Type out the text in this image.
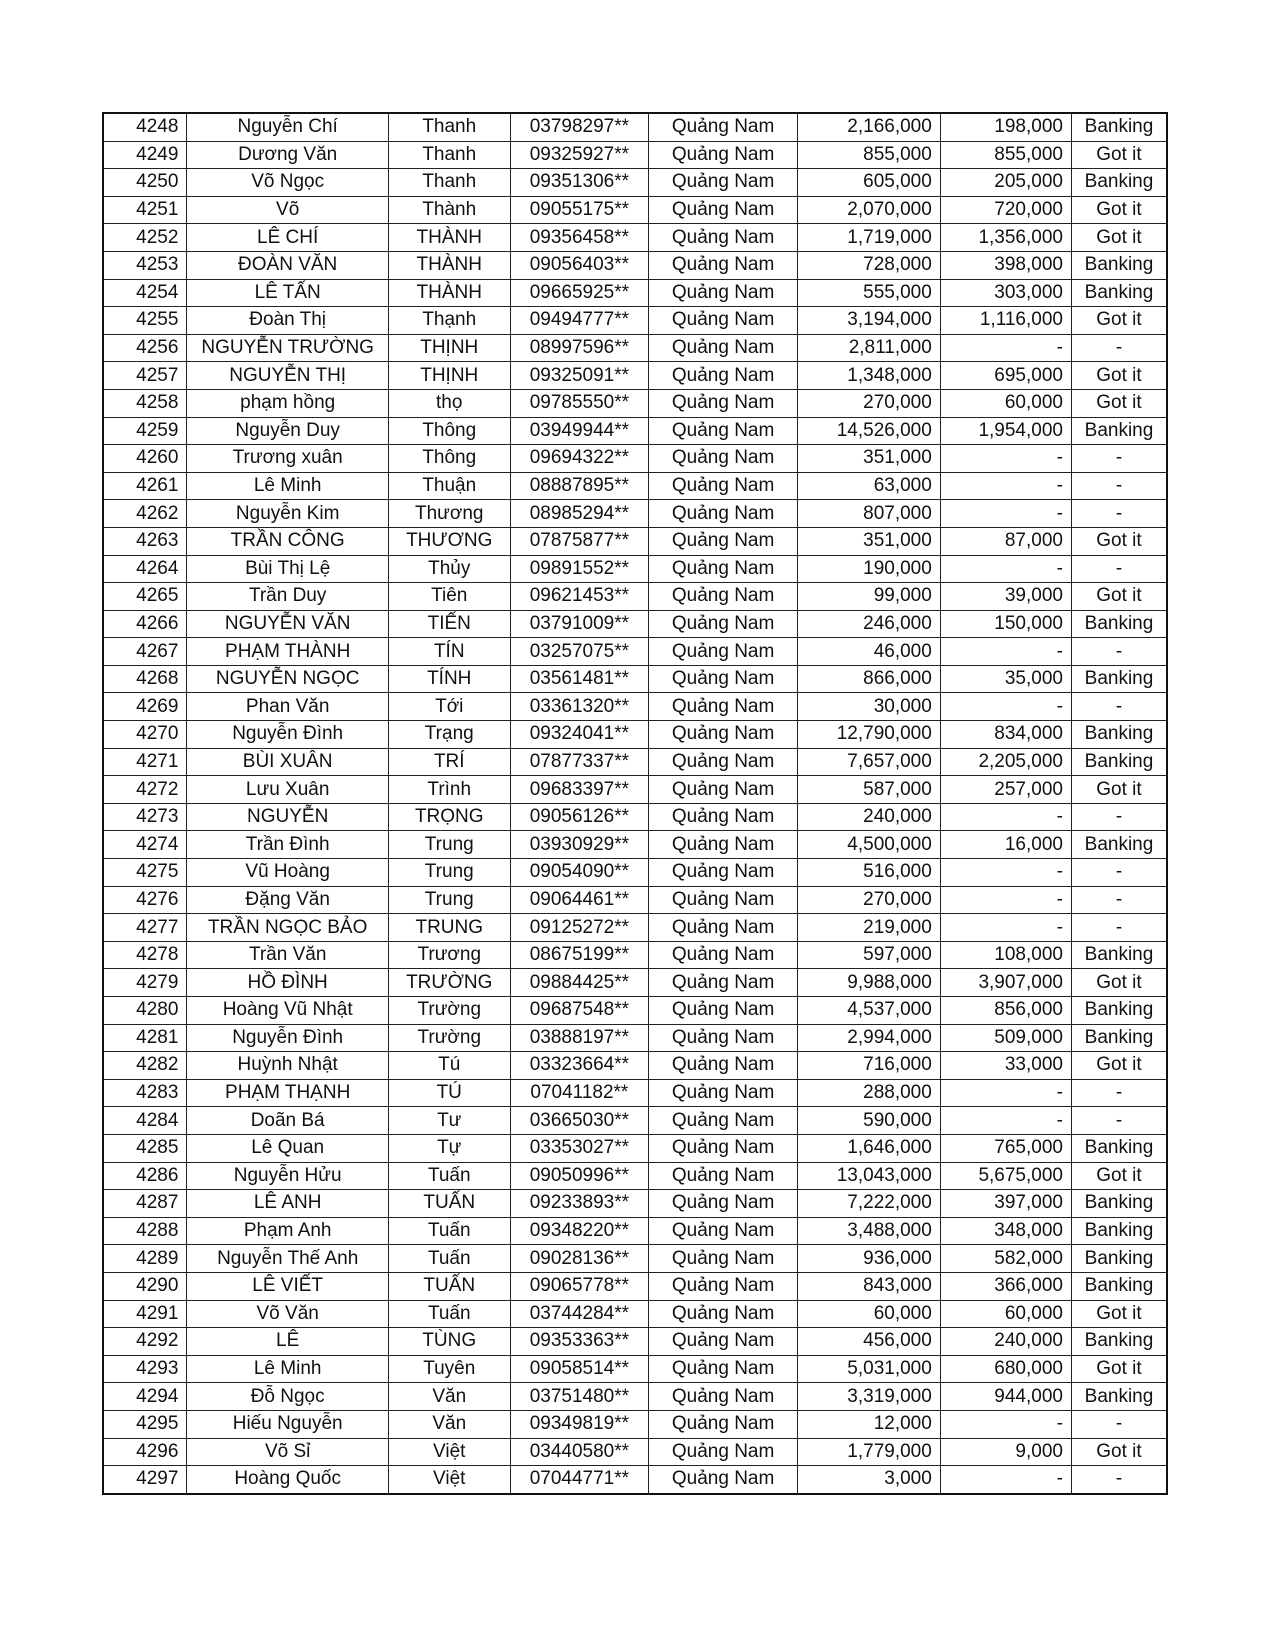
4248	Nguyễn Chí	Thanh	03798297**	Quảng Nam	2,166,000	198,000	Banking
4249	Dương Văn	Thanh	09325927**	Quảng Nam	855,000	855,000	Got it
4250	Võ Ngọc	Thanh	09351306**	Quảng Nam	605,000	205,000	Banking
4251	Võ	Thành	09055175**	Quảng Nam	2,070,000	720,000	Got it
4252	LÊ CHÍ	THÀNH	09356458**	Quảng Nam	1,719,000	1,356,000	Got it
4253	ĐOÀN VĂN	THÀNH	09056403**	Quảng Nam	728,000	398,000	Banking
4254	LÊ TẤN	THÀNH	09665925**	Quảng Nam	555,000	303,000	Banking
4255	Đoàn Thị	Thạnh	09494777**	Quảng Nam	3,194,000	1,116,000	Got it
4256	NGUYỄN TRƯỜNG	THỊNH	08997596**	Quảng Nam	2,811,000	-	-
4257	NGUYỄN THỊ	THỊNH	09325091**	Quảng Nam	1,348,000	695,000	Got it
4258	phạm hồng	thọ	09785550**	Quảng Nam	270,000	60,000	Got it
4259	Nguyễn Duy	Thông	03949944**	Quảng Nam	14,526,000	1,954,000	Banking
4260	Trương xuân	Thông	09694322**	Quảng Nam	351,000	-	-
4261	Lê Minh	Thuận	08887895**	Quảng Nam	63,000	-	-
4262	Nguyễn Kim	Thương	08985294**	Quảng Nam	807,000	-	-
4263	TRẦN CÔNG	THƯƠNG	07875877**	Quảng Nam	351,000	87,000	Got it
4264	Bùi Thị Lệ	Thủy	09891552**	Quảng Nam	190,000	-	-
4265	Trần Duy	Tiên	09621453**	Quảng Nam	99,000	39,000	Got it
4266	NGUYỄN VĂN	TIẾN	03791009**	Quảng Nam	246,000	150,000	Banking
4267	PHẠM THÀNH	TÍN	03257075**	Quảng Nam	46,000	-	-
4268	NGUYỄN NGỌC	TÍNH	03561481**	Quảng Nam	866,000	35,000	Banking
4269	Phan Văn	Tới	03361320**	Quảng Nam	30,000	-	-
4270	Nguyễn Đình	Trạng	09324041**	Quảng Nam	12,790,000	834,000	Banking
4271	BÙI XUÂN	TRÍ	07877337**	Quảng Nam	7,657,000	2,205,000	Banking
4272	Lưu Xuân	Trình	09683397**	Quảng Nam	587,000	257,000	Got it
4273	NGUYỄN	TRỌNG	09056126**	Quảng Nam	240,000	-	-
4274	Trần Đình	Trung	03930929**	Quảng Nam	4,500,000	16,000	Banking
4275	Vũ Hoàng	Trung	09054090**	Quảng Nam	516,000	-	-
4276	Đặng Văn	Trung	09064461**	Quảng Nam	270,000	-	-
4277	TRẦN NGỌC BẢO	TRUNG	09125272**	Quảng Nam	219,000	-	-
4278	Trần Văn	Trương	08675199**	Quảng Nam	597,000	108,000	Banking
4279	HỒ ĐÌNH	TRƯỜNG	09884425**	Quảng Nam	9,988,000	3,907,000	Got it
4280	Hoàng Vũ Nhật	Trường	09687548**	Quảng Nam	4,537,000	856,000	Banking
4281	Nguyễn Đình	Trường	03888197**	Quảng Nam	2,994,000	509,000	Banking
4282	Huỳnh Nhật	Tú	03323664**	Quảng Nam	716,000	33,000	Got it
4283	PHẠM THẠNH	TÚ	07041182**	Quảng Nam	288,000	-	-
4284	Doãn Bá	Tư	03665030**	Quảng Nam	590,000	-	-
4285	Lê Quan	Tự	03353027**	Quảng Nam	1,646,000	765,000	Banking
4286	Nguyễn Hửu	Tuấn	09050996**	Quảng Nam	13,043,000	5,675,000	Got it
4287	LÊ ANH	TUẤN	09233893**	Quảng Nam	7,222,000	397,000	Banking
4288	Phạm Anh	Tuấn	09348220**	Quảng Nam	3,488,000	348,000	Banking
4289	Nguyễn Thế Anh	Tuấn	09028136**	Quảng Nam	936,000	582,000	Banking
4290	LÊ VIẾT	TUẤN	09065778**	Quảng Nam	843,000	366,000	Banking
4291	Võ Văn	Tuấn	03744284**	Quảng Nam	60,000	60,000	Got it
4292	LÊ	TÙNG	09353363**	Quảng Nam	456,000	240,000	Banking
4293	Lê Minh	Tuyên	09058514**	Quảng Nam	5,031,000	680,000	Got it
4294	Đỗ Ngọc	Văn	03751480**	Quảng Nam	3,319,000	944,000	Banking
4295	Hiếu Nguyễn	Văn	09349819**	Quảng Nam	12,000	-	-
4296	Võ Sỉ	Việt	03440580**	Quảng Nam	1,779,000	9,000	Got it
4297	Hoàng Quốc	Việt	07044771**	Quảng Nam	3,000	-	-
